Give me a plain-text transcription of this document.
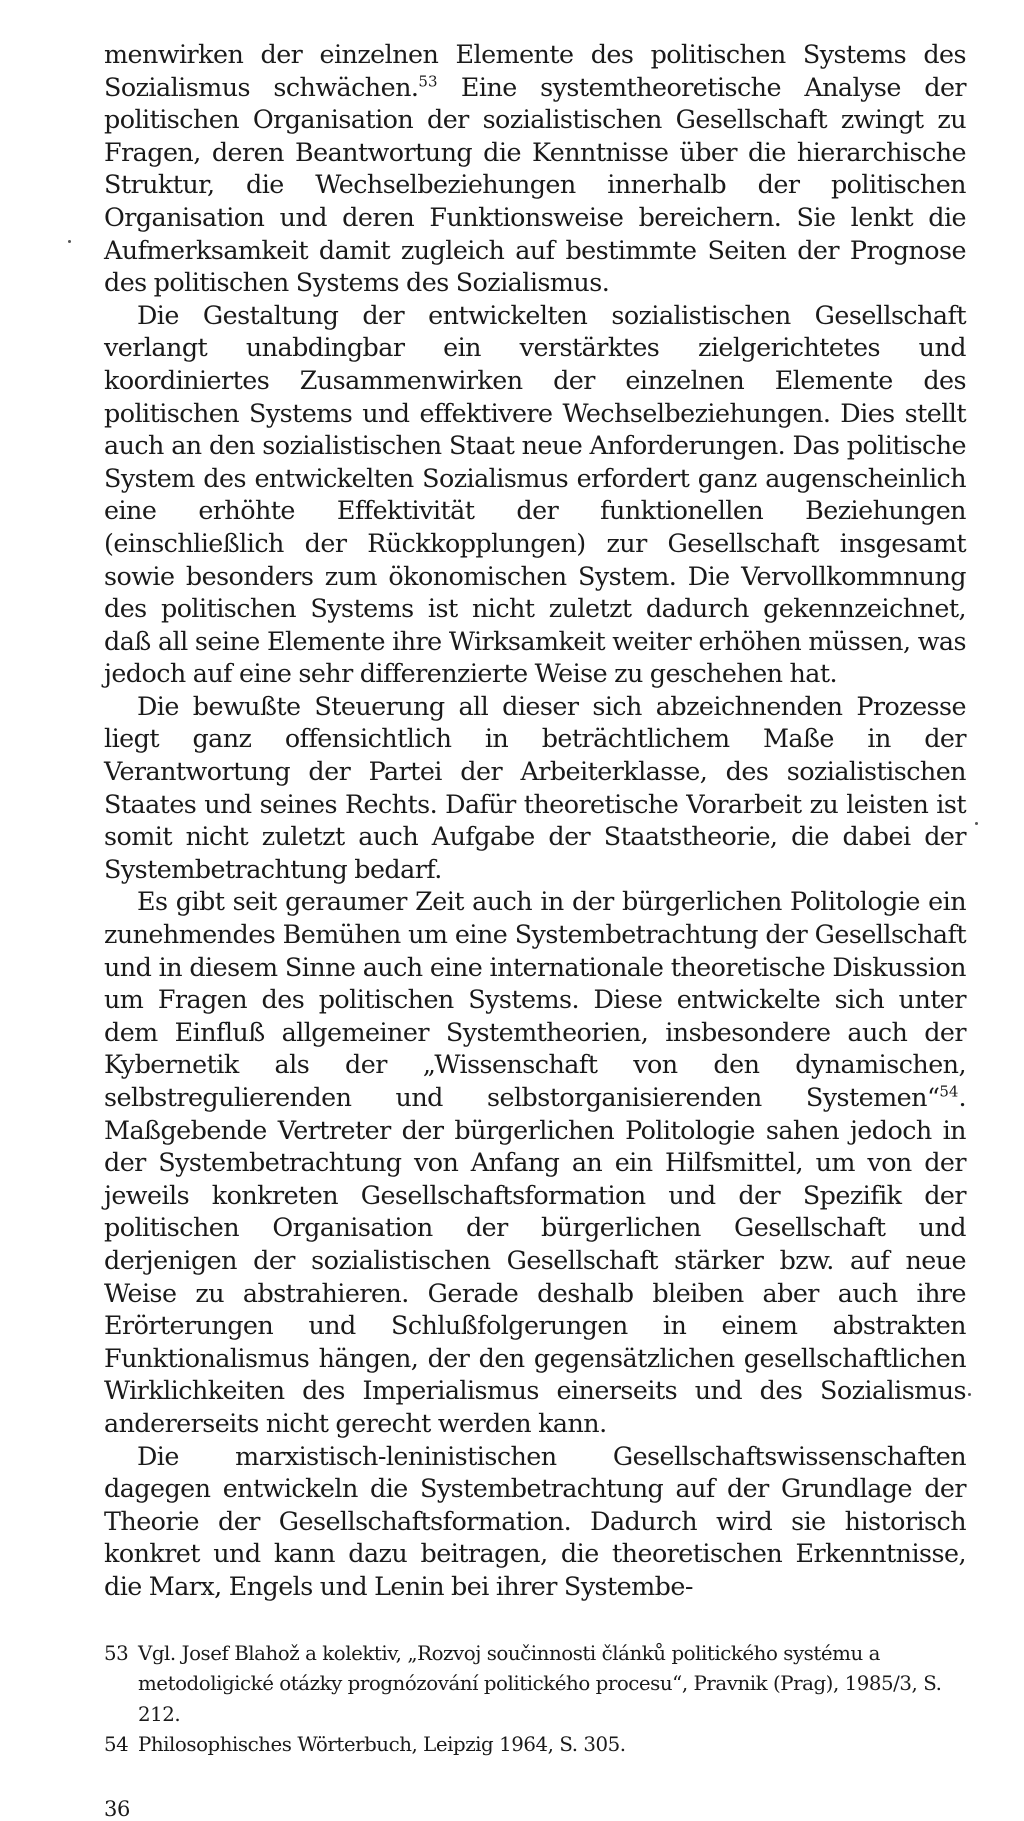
menwirken der einzelnen Elemente des politischen Systems des Sozialismus schwächen.$^{53}$ Eine systemtheoretische Analyse der politischen Organisation der sozialistischen Gesellschaft zwingt zu Fragen, deren Beantwortung die Kenntnisse über die hierarchische Struktur, die Wechselbeziehungen innerhalb der politischen Organisation und deren Funktionsweise bereichern. Sie lenkt die Aufmerksamkeit damit zugleich auf bestimmte Seiten der Prognose des politischen Systems des Sozialismus.

Die Gestaltung der entwickelten sozialistischen Gesellschaft verlangt unabdingbar ein verstärktes zielgerichtetes und koordiniertes Zusammenwirken der einzelnen Elemente des politischen Systems und effektivere Wechselbeziehungen. Dies stellt auch an den sozialistischen Staat neue Anforderungen. Das politische System des entwickelten Sozialismus erfordert ganz augenscheinlich eine erhöhte Effektivität der funktionellen Beziehungen (einschließlich der Rückkopplungen) zur Gesellschaft insgesamt sowie besonders zum ökonomischen System. Die Vervollkommnung des politischen Systems ist nicht zuletzt dadurch gekennzeichnet, daß all seine Elemente ihre Wirksamkeit weiter erhöhen müssen, was jedoch auf eine sehr differenzierte Weise zu geschehen hat.

Die bewußte Steuerung all dieser sich abzeichnenden Prozesse liegt ganz offensichtlich in beträchtlichem Maße in der Verantwortung der Partei der Arbeiterklasse, des sozialistischen Staates und seines Rechts. Dafür theoretische Vorarbeit zu leisten ist somit nicht zuletzt auch Aufgabe der Staatstheorie, die dabei der Systembetrachtung bedarf.

Es gibt seit geraumer Zeit auch in der bürgerlichen Politologie ein zunehmendes Bemühen um eine Systembetrachtung der Gesellschaft und in diesem Sinne auch eine internationale theoretische Diskussion um Fragen des politischen Systems. Diese entwickelte sich unter dem Einfluß allgemeiner Systemtheorien, insbesondere auch der Kybernetik als der „Wissenschaft von den dynamischen, selbstregulierenden und selbstorganisierenden Systemen“$^{54}$. Maßgebende Vertreter der bürgerlichen Politologie sahen jedoch in der Systembetrachtung von Anfang an ein Hilfsmittel, um von der jeweils konkreten Gesellschaftsformation und der Spezifik der politischen Organisation der bürgerlichen Gesellschaft und derjenigen der sozialistischen Gesellschaft stärker bzw. auf neue Weise zu abstrahieren. Gerade deshalb bleiben aber auch ihre Erörterungen und Schlußfolgerungen in einem abstrakten Funktionalismus hängen, der den gegensätzlichen gesellschaftlichen Wirklichkeiten des Imperialismus einerseits und des Sozialismus andererseits nicht gerecht werden kann.

Die marxistisch-leninistischen Gesellschaftswissenschaften dagegen entwickeln die Systembetrachtung auf der Grundlage der Theorie der Gesellschaftsformation. Dadurch wird sie historisch konkret und kann dazu beitragen, die theoretischen Erkenntnisse, die Marx, Engels und Lenin bei ihrer Systembe-

53 Vgl. Josef Blahož a kolektiv, „Rozvoj součinnosti článků politického systému a metodoligické otázky prognózování politického procesu“, Pravnik (Prag), 1985/3, S. 212.
54 Philosophisches Wörterbuch, Leipzig 1964, S. 305.
36
